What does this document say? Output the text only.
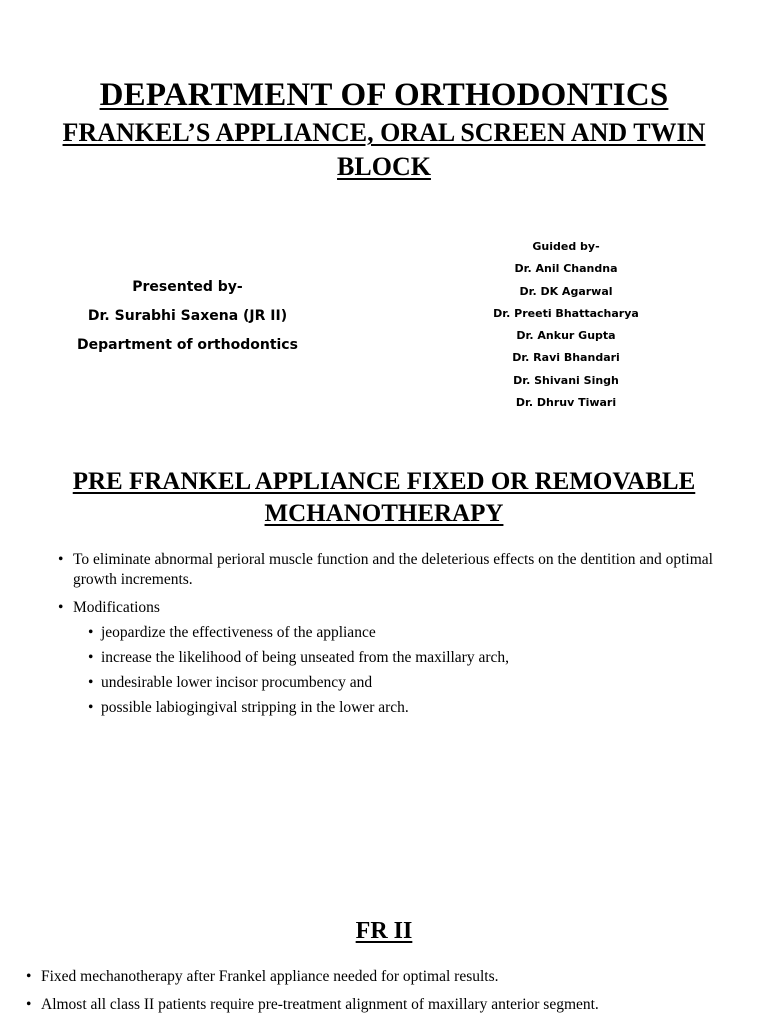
DEPARTMENT OF ORTHODONTICS
FRANKEL’S APPLIANCE, ORAL SCREEN AND TWIN BLOCK
Presented by-
Dr. Surabhi Saxena (JR II)
Department of orthodontics
Guided by-
Dr. Anil Chandna
Dr. DK Agarwal
Dr. Preeti Bhattacharya
Dr. Ankur Gupta
Dr. Ravi Bhandari
Dr. Shivani Singh
Dr. Dhruv Tiwari
PRE FRANKEL APPLIANCE FIXED OR REMOVABLE MCHANOTHERAPY
• To eliminate abnormal perioral muscle function and the deleterious effects on the dentition and optimal growth increments.
• Modifications
• jeopardize the effectiveness of the appliance
• increase the likelihood of being unseated from the maxillary arch,
• undesirable lower incisor procumbency and
• possible labiogingival stripping in the lower arch.
FR II
• Fixed mechanotherapy after Frankel appliance needed for optimal results.
• Almost all class II patients require pre-treatment alignment of maxillary anterior segment.
